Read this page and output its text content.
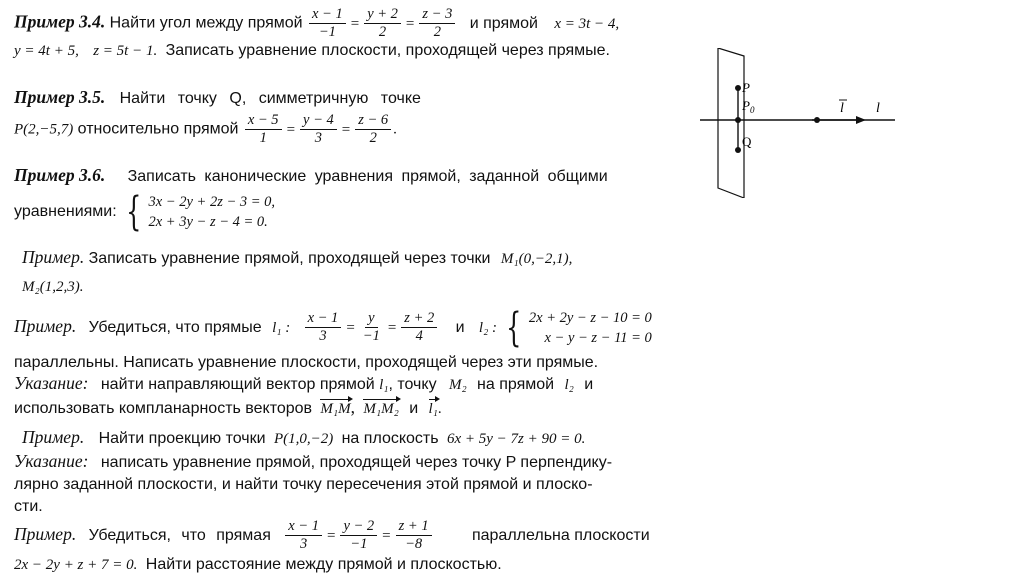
Пример 3.4. Найти угол между прямой $\frac{x - 1}{-1} = \frac{y + 2}{2} = \frac{z - 3}{2}$ и прямой x = 3t − 4,
y = 4t + 5, z = 5t − 1. Записать уравнение плоскости, проходящей через прямые.
Пример 3.5. Найти точку Q, симметричную точке
P(2,−5,7) относительно прямой $\frac{x - 5}{1} = \frac{y - 4}{3} = \frac{z - 6}{2}$ .
Пример 3.6. Записать канонические уравнения прямой, заданной общими
уравнениями: { 3x − 2y + 2z − 3 = 0,
2x + 3y − z − 4 = 0.
Пример. Записать уравнение прямой, проходящей через точки M₁(0,−2,1),
M₂(1,2,3).
Пример. Убедиться, что прямые l₁ : $\frac{x - 1}{3} = \frac{y}{-1} = \frac{z + 2}{4}$ и l₂ : { 2x + 2y − z − 10 = 0
x − y − z − 11 = 0
параллельны. Написать уравнение плоскости, проходящей через эти прямые.
Указание: найти направляющий вектор прямой l₁, точку M₂ на прямой l₂ и
использовать компланарность векторов M₁M, M₁M₂ и l₁.
Пример. Найти проекцию точки P(1,0,−2) на плоскость 6x + 5y − 7z + 90 = 0.
Указание: написать уравнение прямой, проходящей через точку P перпендику-
лярно заданной плоскости, и найти точку пересечения этой прямой и плоско-
сти.
Пример. Убедиться, что прямая $\frac{x - 1}{3} = \frac{y - 2}{-1} = \frac{z + 1}{-8}$	параллельна плоскости
2x − 2y + z + 7 = 0. Найти расстояние между прямой и плоскостью.
P
$P_0$
Q
l l
